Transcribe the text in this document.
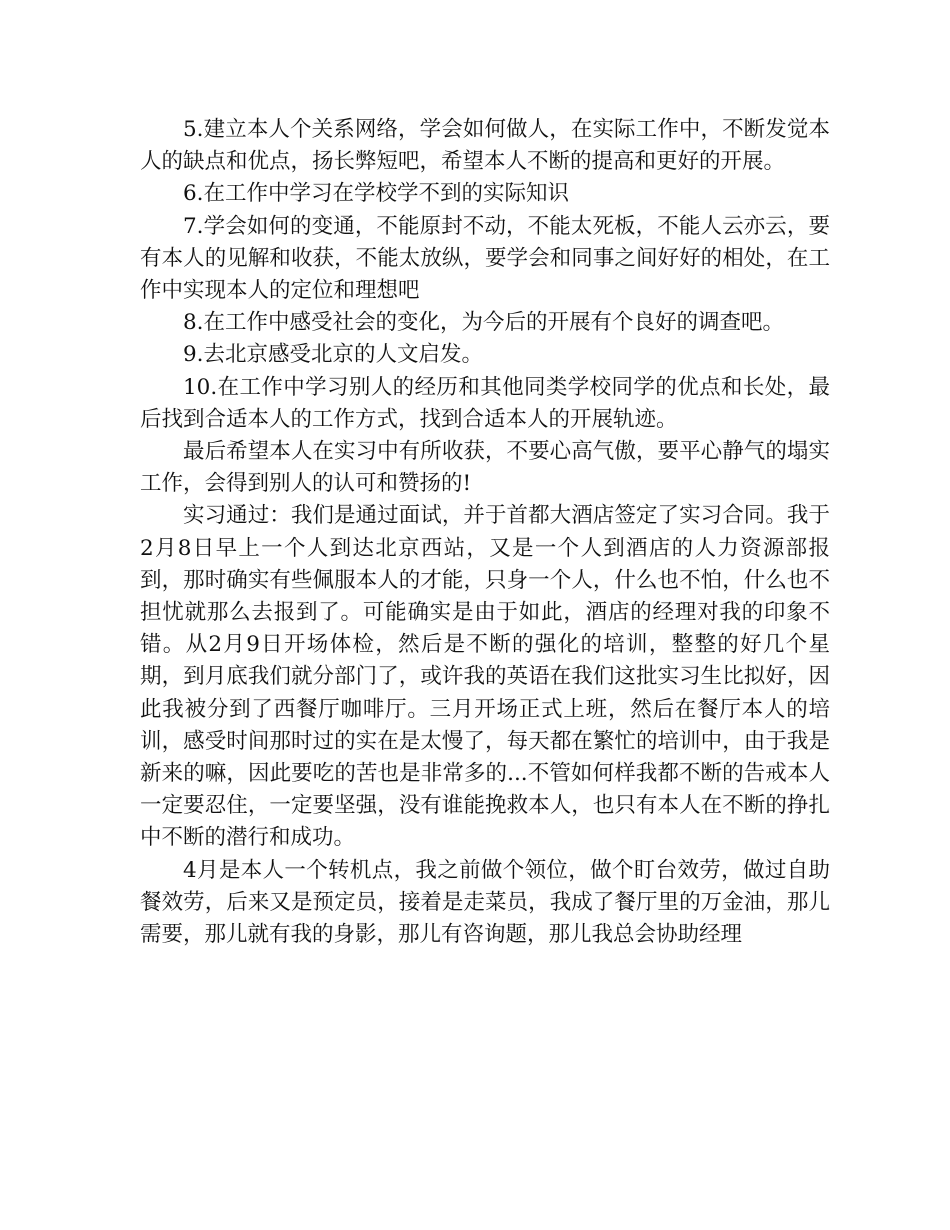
5.建立本人个关系网络，学会如何做人，在实际工作中，不断发觉本人的缺点和优点，扬长弊短吧，希望本人不断的提高和更好的开展。

6.在工作中学习在学校学不到的实际知识

7.学会如何的变通，不能原封不动，不能太死板，不能人云亦云，要有本人的见解和收获，不能太放纵，要学会和同事之间好好的相处，在工作中实现本人的定位和理想吧

8.在工作中感受社会的变化，为今后的开展有个良好的调查吧。

9.去北京感受北京的人文启发。

10.在工作中学习别人的经历和其他同类学校同学的优点和长处，最后找到合适本人的工作方式，找到合适本人的开展轨迹。

最后希望本人在实习中有所收获，不要心高气傲，要平心静气的塌实工作，会得到别人的认可和赞扬的!

实习通过：我们是通过面试，并于首都大酒店签定了实习合同。我于2月8日早上一个人到达北京西站，又是一个人到酒店的人力资源部报到，那时确实有些佩服本人的才能，只身一个人，什么也不怕，什么也不担忧就那么去报到了。可能确实是由于如此，酒店的经理对我的印象不错。从2月9日开场体检，然后是不断的强化的培训，整整的好几个星期，到月底我们就分部门了，或许我的英语在我们这批实习生比拟好，因此我被分到了西餐厅咖啡厅。三月开场正式上班，然后在餐厅本人的培训，感受时间那时过的实在是太慢了，每天都在繁忙的培训中，由于我是新来的嘛，因此要吃的苦也是非常多的...不管如何样我都不断的告戒本人一定要忍住，一定要坚强，没有谁能挽救本人，也只有本人在不断的挣扎中不断的潜行和成功。

4月是本人一个转机点，我之前做个领位，做个盯台效劳，做过自助餐效劳，后来又是预定员，接着是走菜员，我成了餐厅里的万金油，那儿需要，那儿就有我的身影，那儿有咨询题，那儿我总会协助经理
